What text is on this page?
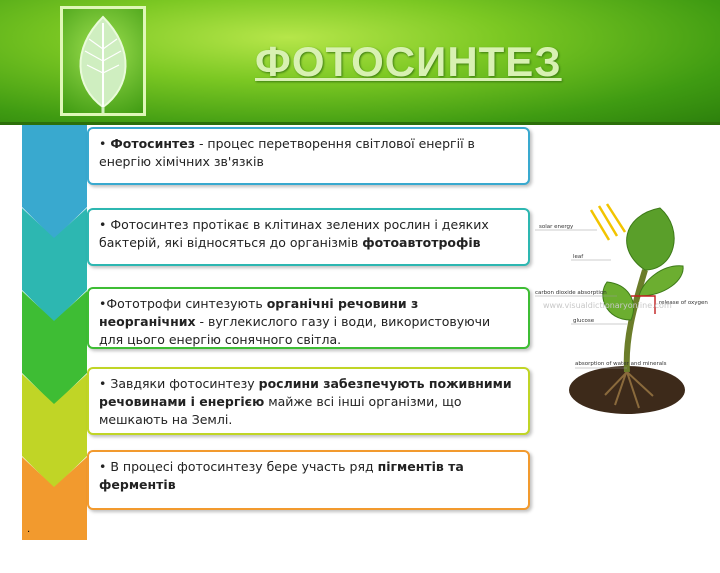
ФОТОСИНТЕЗ
• Фотосинтез - процес перетворення світлової енергії в енергію хімічних зв'язків
• Фотосинтез протікає в клітинах зелених рослин і деяких бактерій, які відносяться до організмів фотоавтотрофів
•Фототрофи синтезують органічні речовини з неорганічних - вуглекислого газу і води, використовуючи для цього енергію сонячного світла.
• Завдяки фотосинтезу рослини забезпечують поживними речовинами і енергією майже всі інші організми, що мешкають на Землі.
• В процесі фотосинтезу бере участь ряд пігментів та ферментів
solar energy
leaf
carbon dioxide absorption
release of oxygen
www.visualdictionaryonline.com
glucose
absorption of water and minerals
.
